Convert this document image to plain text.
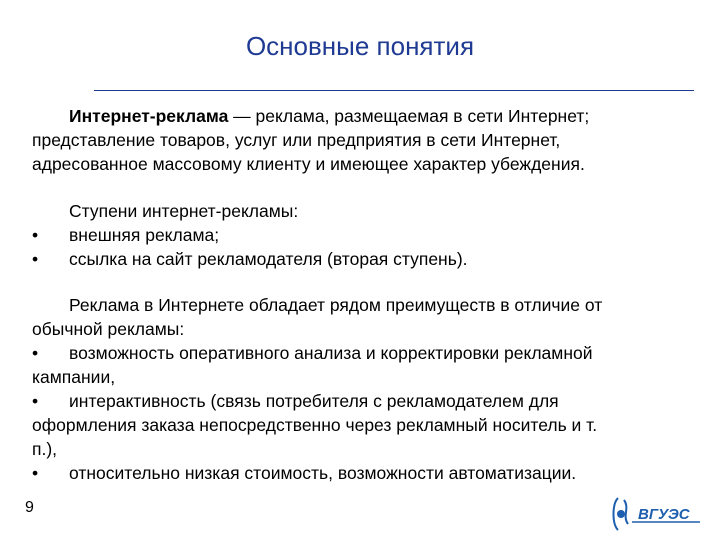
Основные понятия
Интернет-реклама — реклама, размещаемая в сети Интернет;
представление товаров, услуг или предприятия в сети Интернет,
адресованное массовому клиенту и имеющее характер убеждения.
Ступени интернет-рекламы:
• внешняя реклама;
• ссылка на сайт рекламодателя (вторая ступень).
Реклама в Интернете обладает рядом преимуществ в отличие от
обычной рекламы:
• возможность оперативного анализа и корректировки рекламной
кампании,
• интерактивность (связь потребителя с рекламодателем для
оформления заказа непосредственно через рекламный носитель и т.
п.),
• относительно низкая стоимость, возможности автоматизации.
9	ВГУЭС
